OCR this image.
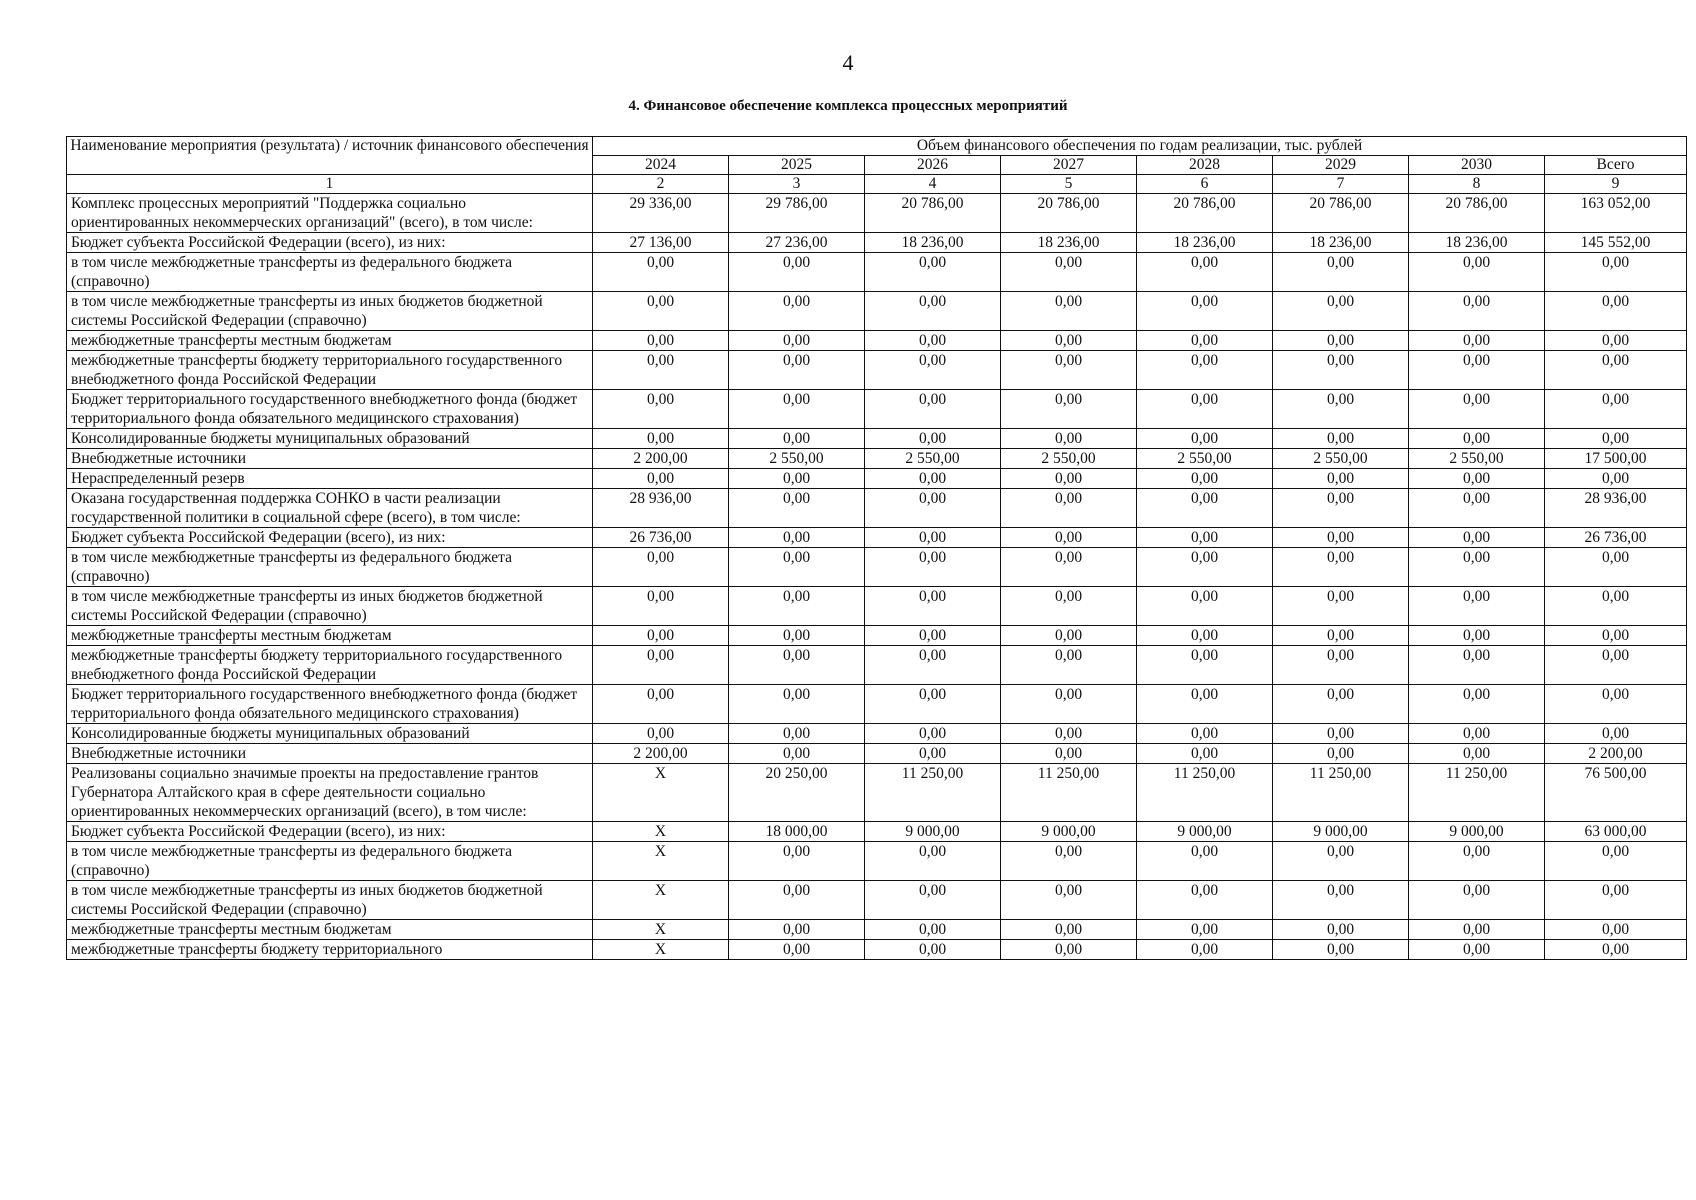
4
4. Финансовое обеспечение комплекса процессных мероприятий
Наименование мероприятия (результата) / источник финансового обеспечения	Объем финансового обеспечения по годам реализации, тыс. рублей							
	2024	2025	2026	2027	2028	2029	2030	Всего
1	2	3	4	5	6	7	8	9
Комплекс процессных мероприятий "Поддержка социально ориентированных некоммерческих организаций" (всего), в том числе:	29 336,00	29 786,00	20 786,00	20 786,00	20 786,00	20 786,00	20 786,00	163 052,00
Бюджет субъекта Российской Федерации (всего), из них:	27 136,00	27 236,00	18 236,00	18 236,00	18 236,00	18 236,00	18 236,00	145 552,00
в том числе межбюджетные трансферты из федерального бюджета (справочно)	0,00	0,00	0,00	0,00	0,00	0,00	0,00	0,00
в том числе межбюджетные трансферты из иных бюджетов бюджетной системы Российской Федерации (справочно)	0,00	0,00	0,00	0,00	0,00	0,00	0,00	0,00
межбюджетные трансферты местным бюджетам	0,00	0,00	0,00	0,00	0,00	0,00	0,00	0,00
межбюджетные трансферты бюджету территориального государственного внебюджетного фонда Российской Федерации	0,00	0,00	0,00	0,00	0,00	0,00	0,00	0,00
Бюджет территориального государственного внебюджетного фонда (бюджет территориального фонда обязательного медицинского страхования)	0,00	0,00	0,00	0,00	0,00	0,00	0,00	0,00
Консолидированные бюджеты муниципальных образований	0,00	0,00	0,00	0,00	0,00	0,00	0,00	0,00
Внебюджетные источники	2 200,00	2 550,00	2 550,00	2 550,00	2 550,00	2 550,00	2 550,00	17 500,00
Нераспределенный резерв	0,00	0,00	0,00	0,00	0,00	0,00	0,00	0,00
Оказана государственная поддержка СОНКО в части реализации государственной политики в социальной сфере (всего), в том числе:	28 936,00	0,00	0,00	0,00	0,00	0,00	0,00	28 936,00
Бюджет субъекта Российской Федерации (всего), из них:	26 736,00	0,00	0,00	0,00	0,00	0,00	0,00	26 736,00
в том числе межбюджетные трансферты из федерального бюджета (справочно)	0,00	0,00	0,00	0,00	0,00	0,00	0,00	0,00
в том числе межбюджетные трансферты из иных бюджетов бюджетной системы Российской Федерации (справочно)	0,00	0,00	0,00	0,00	0,00	0,00	0,00	0,00
межбюджетные трансферты местным бюджетам	0,00	0,00	0,00	0,00	0,00	0,00	0,00	0,00
межбюджетные трансферты бюджету территориального государственного внебюджетного фонда Российской Федерации	0,00	0,00	0,00	0,00	0,00	0,00	0,00	0,00
Бюджет территориального государственного внебюджетного фонда (бюджет территориального фонда обязательного медицинского страхования)	0,00	0,00	0,00	0,00	0,00	0,00	0,00	0,00
Консолидированные бюджеты муниципальных образований	0,00	0,00	0,00	0,00	0,00	0,00	0,00	0,00
Внебюджетные источники	2 200,00	0,00	0,00	0,00	0,00	0,00	0,00	2 200,00
Реализованы социально значимые проекты на предоставление грантов Губернатора Алтайского края в сфере деятельности социально ориентированных некоммерческих организаций (всего), в том числе:	X	20 250,00	11 250,00	11 250,00	11 250,00	11 250,00	11 250,00	76 500,00
Бюджет субъекта Российской Федерации (всего), из них:	X	18 000,00	9 000,00	9 000,00	9 000,00	9 000,00	9 000,00	63 000,00
в том числе межбюджетные трансферты из федерального бюджета (справочно)	X	0,00	0,00	0,00	0,00	0,00	0,00	0,00
в том числе межбюджетные трансферты из иных бюджетов бюджетной системы Российской Федерации (справочно)	X	0,00	0,00	0,00	0,00	0,00	0,00	0,00
межбюджетные трансферты местным бюджетам	X	0,00	0,00	0,00	0,00	0,00	0,00	0,00
межбюджетные трансферты бюджету территориального	X	0,00	0,00	0,00	0,00	0,00	0,00	0,00
